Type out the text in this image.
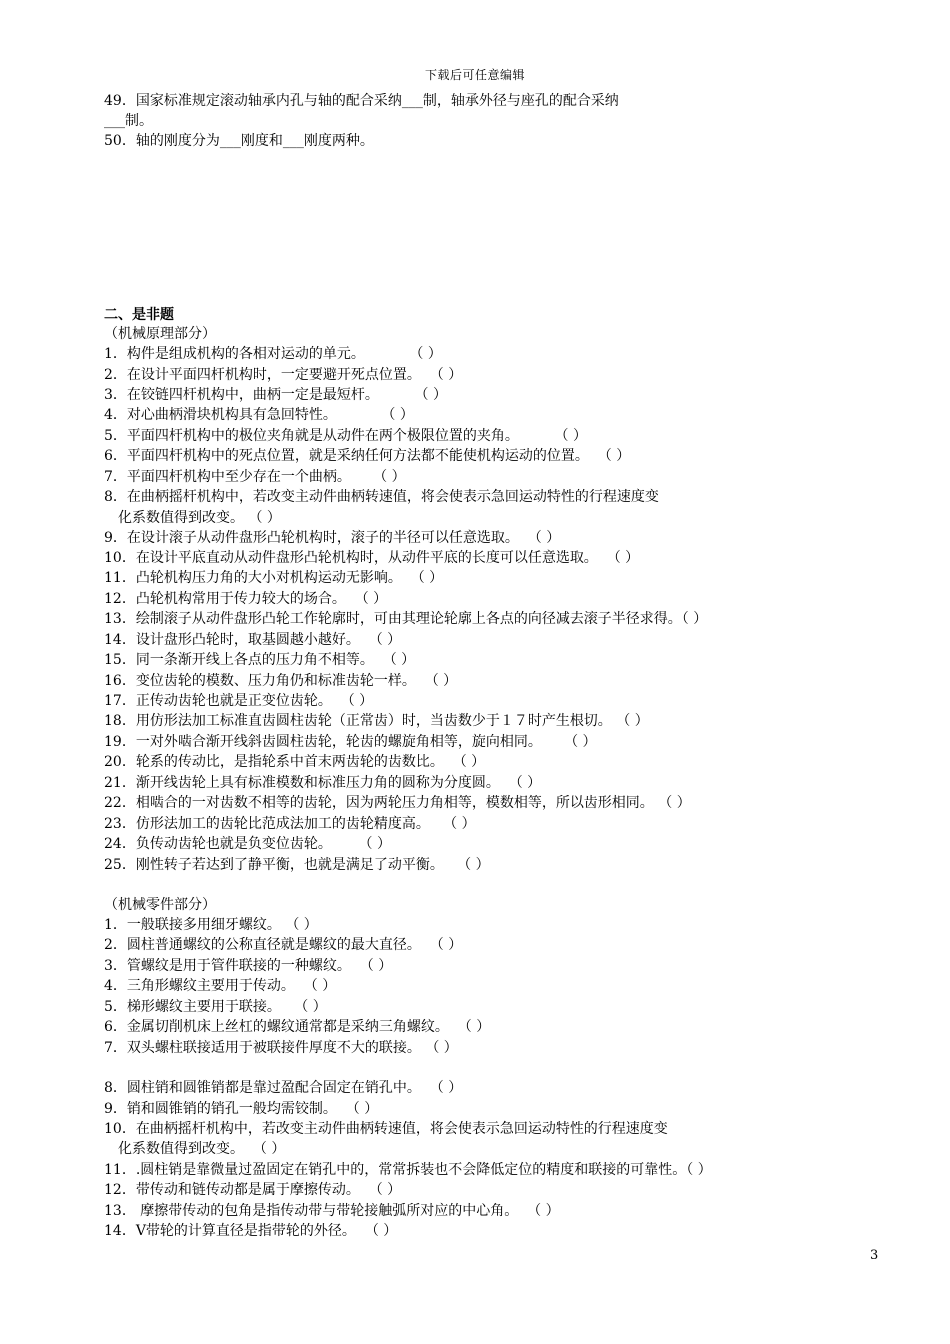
下载后可任意编辑
49．国家标准规定滚动轴承内孔与轴的配合采纳___制，轴承外径与座孔的配合采纳
___制。
50．轴的刚度分为___刚度和___刚度两种。
二、是非题
（机械原理部分）
1．构件是组成机构的各相对运动的单元。          （ ）
2．在设计平面四杆机构时，一定要避开死点位置。  （ ）
3．在铰链四杆机构中，曲柄一定是最短杆。        （ ）
4．对心曲柄滑块机构具有急回特性。          （ ）
5．平面四杆机构中的极位夹角就是从动件在两个极限位置的夹角。        （ ）
6．平面四杆机构中的死点位置，就是采纳任何方法都不能使机构运动的位置。  （ ）
7．平面四杆机构中至少存在一个曲柄。     （ ）
8．在曲柄摇杆机构中，若改变主动件曲柄转速值，将会使表示急回运动特性的行程速度变
化系数值得到改变。 （ ）
9．在设计滚子从动件盘形凸轮机构时，滚子的半径可以任意选取。  （ ）
10．在设计平底直动从动件盘形凸轮机构时，从动件平底的长度可以任意选取。  （ ）
11．凸轮机构压力角的大小对机构运动无影响。  （ ）
12．凸轮机构常用于传力较大的场合。  （ ）
13．绘制滚子从动件盘形凸轮工作轮廓时，可由其理论轮廓上各点的向径减去滚子半径求得。（ ）
14．设计盘形凸轮时，取基圆越小越好。  （ ）
15．同一条渐开线上各点的压力角不相等。  （ ）
16．变位齿轮的模数、压力角仍和标准齿轮一样。  （ ）
17．正传动齿轮也就是正变位齿轮。  （ ）
18．用仿形法加工标准直齿圆柱齿轮（正常齿）时，当齿数少于１７时产生根切。 （ ）
19．一对外啮合渐开线斜齿圆柱齿轮，轮齿的螺旋角相等，旋向相同。     （ ）
20．轮系的传动比，是指轮系中首末两齿轮的齿数比。  （ ）
21．渐开线齿轮上具有标准模数和标准压力角的圆称为分度圆。  （ ）
22．相啮合的一对齿数不相等的齿轮，因为两轮压力角相等，模数相等，所以齿形相同。 （ ）
23．仿形法加工的齿轮比范成法加工的齿轮精度高。   （ ）
24．负传动齿轮也就是负变位齿轮。      （ ）
25．刚性转子若达到了静平衡，也就是满足了动平衡。   （ ）
（机械零件部分）
1．一般联接多用细牙螺纹。 （ ）
2．圆柱普通螺纹的公称直径就是螺纹的最大直径。  （ ）
3．管螺纹是用于管件联接的一种螺纹。  （ ）
4．三角形螺纹主要用于传动。  （ ）
5．梯形螺纹主要用于联接。   （ ）
6．金属切削机床上丝杠的螺纹通常都是采纳三角螺纹。  （ ）
7．双头螺柱联接适用于被联接件厚度不大的联接。 （ ）
8．圆柱销和圆锥销都是靠过盈配合固定在销孔中。  （ ）
9．销和圆锥销的销孔一般均需铰制。  （ ）
10．在曲柄摇杆机构中，若改变主动件曲柄转速值，将会使表示急回运动特性的行程速度变
化系数值得到改变。  （ ）
11．.圆柱销是靠微量过盈固定在销孔中的，常常拆装也不会降低定位的精度和联接的可靠性。（ ）
12．带传动和链传动都是属于摩擦传动。  （ ）
13． 摩擦带传动的包角是指传动带与带轮接触弧所对应的中心角。  （ ）
14．V带轮的计算直径是指带轮的外径。  （ ）
3
